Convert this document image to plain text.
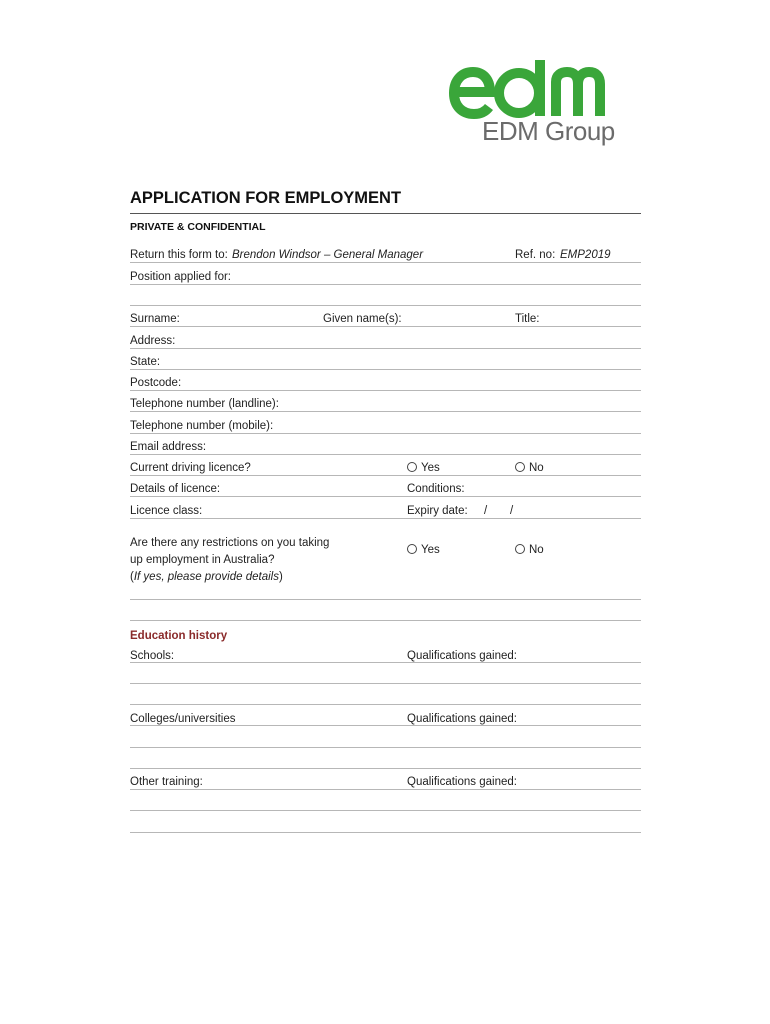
EDM Group
APPLICATION FOR EMPLOYMENT
PRIVATE & CONFIDENTIAL
Return this form to: Brendon Windsor – General Manager	Ref. no: EMP2019
Position applied for:
Surname:	Given name(s):	Title:
Address:
State:
Postcode:
Telephone number (landline):
Telephone number (mobile):
Email address:
Current driving licence?	Yes	No
Details of licence:	Conditions:
Licence class:	Expiry date: / /
Are there any restrictions on you taking
up employment in Australia?
(If yes, please provide details)
Yes	No
Education history
Schools:	Qualifications gained:
Colleges/universities	Qualifications gained:
Other training:	Qualifications gained:
